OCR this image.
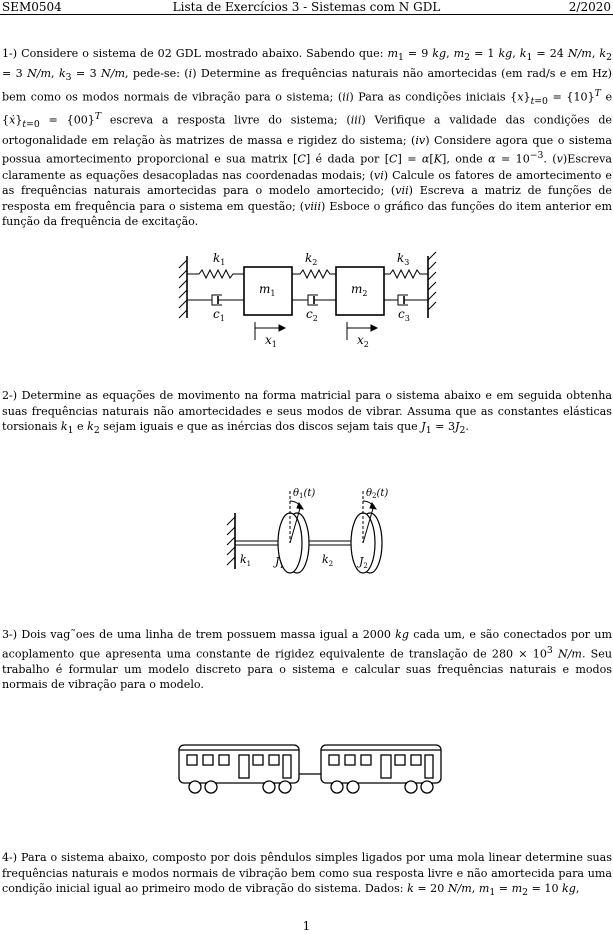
SEM0504	Lista de Exercícios 3 - Sistemas com N GDL	2/2020
1-) Considere o sistema de 02 GDL mostrado abaixo. Sabendo que: $m_1 = 9$ kg, $m_2 = 1$ kg, $k_1 = 24$ N/m, $k_2 = 3$ N/m, $k_3 = 3$ N/m, pede-se: (i) Determine as frequências naturais não amortecidas (em rad/s e em Hz) bem como os modos normais de vibração para o sistema; (ii) Para as condições iniciais $\{x\}_{t=0} = \{10\}^T$ e $\{ẋ\}_{t=0} = \{00\}^T$ escreva a resposta livre do sistema; (iii) Verifique a validade das condições de ortogonalidade em relação às matrizes de massa e rigidez do sistema; (iv) Considere agora que o sistema possua amortecimento proporcional e sua matrix [C] é dada por [C] = α[K], onde $\alpha = 10^{-3}$. (v)Escreva claramente as equações desacopladas nas coordenadas modais; (vi) Calcule os fatores de amortecimento e as frequências naturais amortecidas para o modelo amortecido; (vii) Escreva a matriz de funções de resposta em frequência para o sistema em questão; (viii) Esboce o gráfico das funções do item anterior em função da frequência de excitação.
$k_1$	$k_2$	$k_3$
$m_1$	$m_2$
$c_1$	$c_2$	$c_3$
$x_1$	$x_2$
2-) Determine as equações de movimento na forma matricial para o sistema abaixo e em seguida obtenha suas frequências naturais não amortecidades e seus modos de vibrar. Assuma que as constantes elásticas torsionais $k_1$ e $k_2$ sejam iguais e que as inércias dos discos sejam tais que $J_1 = 3J_2$.
$\theta_1(t)$	$\theta_2(t)$
$k_1$ $J_1$	$k_2$ $J_2$
3-) Dois vag˜oes de uma linha de trem possuem massa igual a 2000 kg cada um, e são conectados por um acoplamento que apresenta uma constante de rigidez equivalente de translação de $280 \times 10^3$ N/m. Seu trabalho é formular um modelo discreto para o sistema e calcular suas frequências naturais e modos normais de vibração para o modelo.
4-) Para o sistema abaixo, composto por dois pêndulos simples ligados por uma mola linear determine suas frequências naturais e modos normais de vibração bem como sua resposta livre e não amortecida para uma condição inicial igual ao primeiro modo de vibração do sistema. Dados: k = 20 N/m, $m_1 = m_2 = 10$ kg,
1
